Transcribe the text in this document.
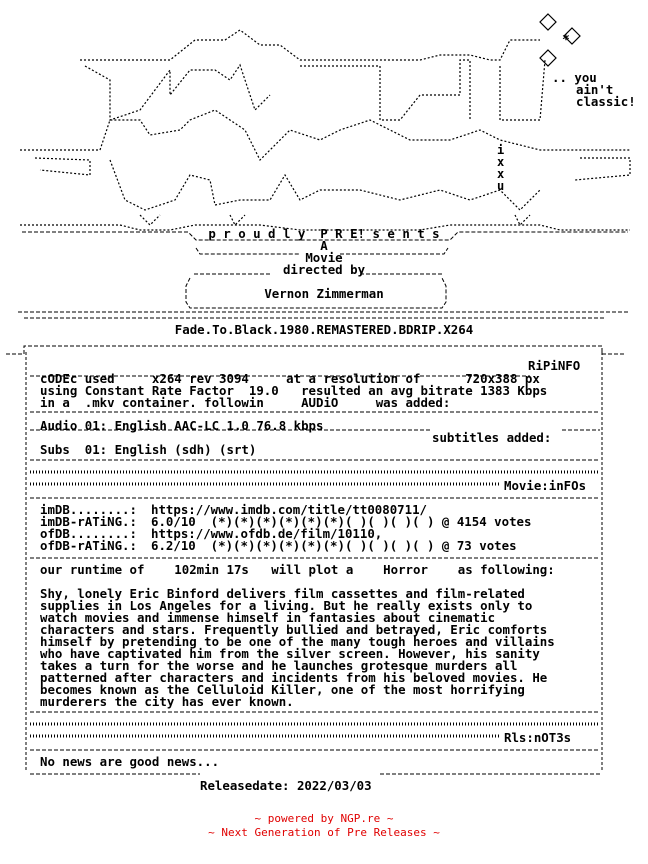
*
i
x
x
u
.. you
ain't
classic!
p r o u d l y  P R E! s e n t s
A
Movie
directed by
Vernon Zimmerman
Fade.To.Black.1980.REMASTERED.BDRIP.X264
RiPiNFO
cODEc used     x264 rev 3094     at a resolution of      720x388 px
using Constant Rate Factor  19.0   resulted an avg bitrate 1383 Kbps
in a  .mkv container. followin     AUDiO     was added:
Audio 01: English AAC-LC 1.0 76.8 kbps
subtitles added:
Subs  01: English (sdh) (srt)
Movie:inFOs
imDB........:	https://www.imdb.com/title/tt0080711/
imDB-rATiNG.:	6.0/10  (*)(*)(*)(*)(*)(*)( )( )( )( ) @ 4154 votes
ofDB........:	https://www.ofdb.de/film/10110,
ofDB-rATiNG.:	6.2/10  (*)(*)(*)(*)(*)(*)( )( )( )( ) @ 73 votes
our runtime of    102min 17s   will plot a    Horror    as following:
Shy, lonely Eric Binford delivers film cassettes and film-related
supplies in Los Angeles for a living. But he really exists only to
watch movies and immense himself in fantasies about cinematic
characters and stars. Frequently bullied and betrayed, Eric comforts
himself by pretending to be one of the many tough heroes and villains
who have captivated him from the silver screen. However, his sanity
takes a turn for the worse and he launches grotesque murders all
patterned after characters and incidents from his beloved movies. He
becomes known as the Celluloid Killer, one of the most horrifying
murderers the city has ever known.
Rls:nOT3s
No news are good news...
Releasedate: 2022/03/03
~ powered by NGP.re ~
~ Next Generation of Pre Releases ~
